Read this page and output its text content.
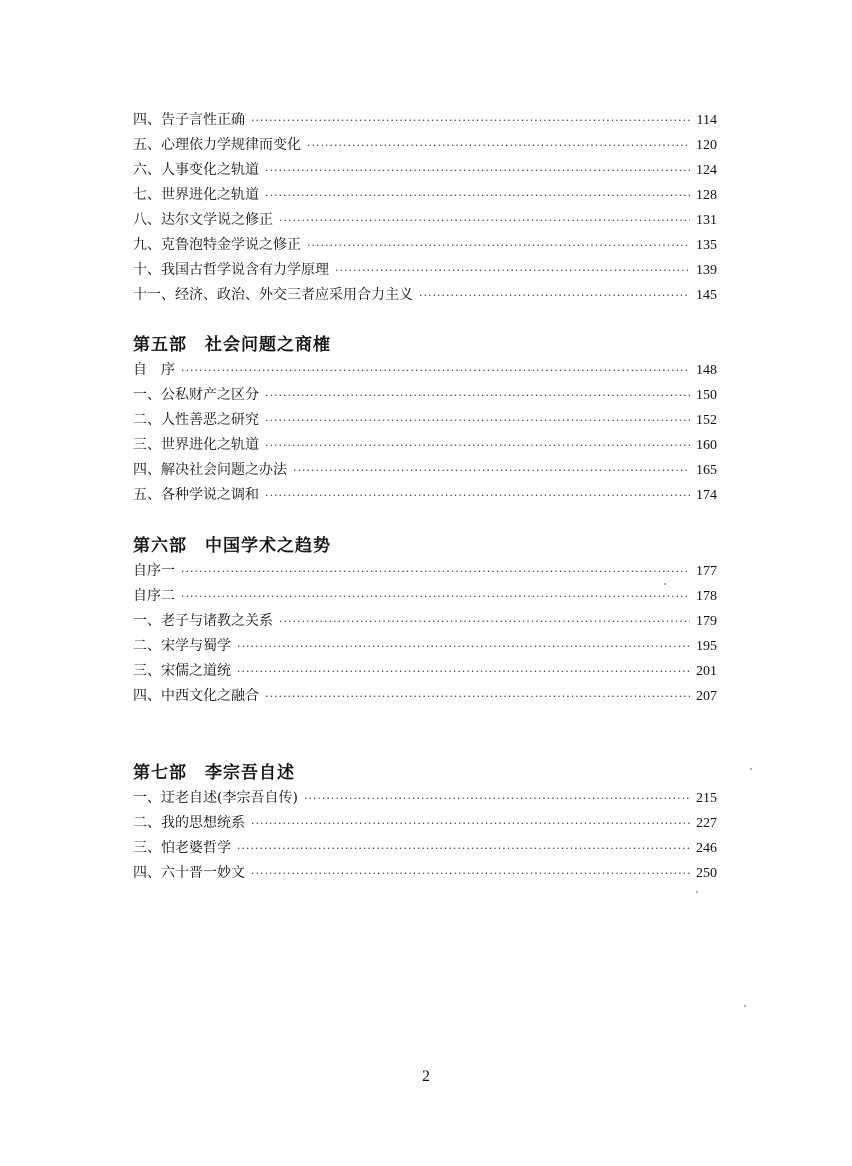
四、告子言性正确 ·····	114
五、心理依力学规律而变化 ·····	120
六、人事变化之轨道 ·····	124
七、世界进化之轨道 ·····	128
八、达尔文学说之修正 ·····	131
九、克鲁泡特金学说之修正 ·····	135
十、我国古哲学说含有力学原理 ·····	139
十一、经济、政治、外交三者应采用合力主义 ·····	145
第五部 社会问题之商榷
自　序 ·····	148
一、公私财产之区分 ·····	150
二、人性善恶之研究 ·····	152
三、世界进化之轨道 ·····	160
四、解决社会问题之办法 ·····	165
五、各种学说之调和 ·····	174
第六部 中国学术之趋势
自序一 ·····	177
自序二 ·····	178
一、老子与诸教之关系 ·····	179
二、宋学与蜀学 ·····	195
三、宋儒之道统 ·····	201
四、中西文化之融合 ·····	207
第七部 李宗吾自述
一、迂老自述(李宗吾自传) ·····	215
二、我的思想统系 ·····	227
三、怕老婆哲学 ·····	246
四、六十晋一妙文 ·····	250
2
